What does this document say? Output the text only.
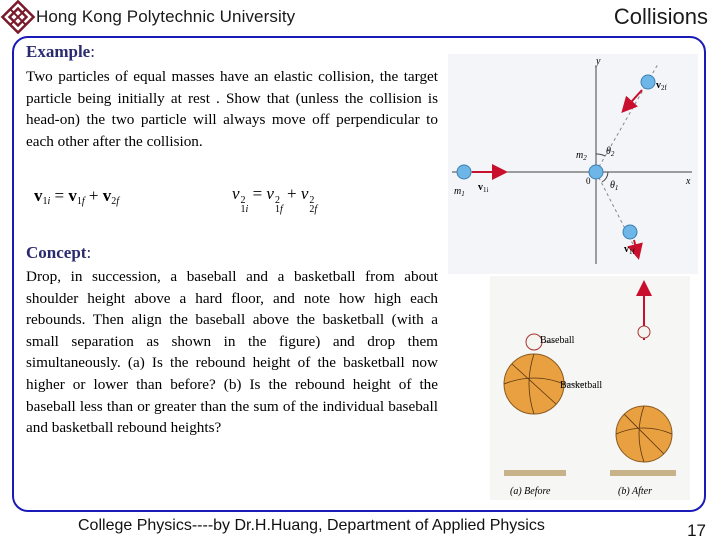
Hong Kong Polytechnic University	Collisions
Example:
Two particles of equal masses have an elastic collision, the target particle being initially at rest . Show that (unless the collision is head-on) the two particle will always move off perpendicular to each other after the collision.
$v_{1i} = v_{1f} + v_{2f}$	v 2
1i
= v 2
1f
+ v 2
2f
Concept:
Drop, in succession, a baseball and a basketball from about shoulder height above a hard floor, and note how high each rebounds. Then align the baseball above the basketball (with a small separation as shown in the figure) and drop them simultaneously. (a) Is the rebound height of the basketball now higher or lower than before? (b) Is the rebound height of the baseball less than or greater than the sum of the individual baseball and basketball rebound heights?
y
x
$\theta_2$
$\theta_1$
0
$m_1$
$m_2$
$v_{1i}$
$v_{2f}$
$v_{1f}$
Baseball
Basketball
(a) Before	(b) After
College Physics----by Dr.H.Huang, Department of Applied Physics	17
